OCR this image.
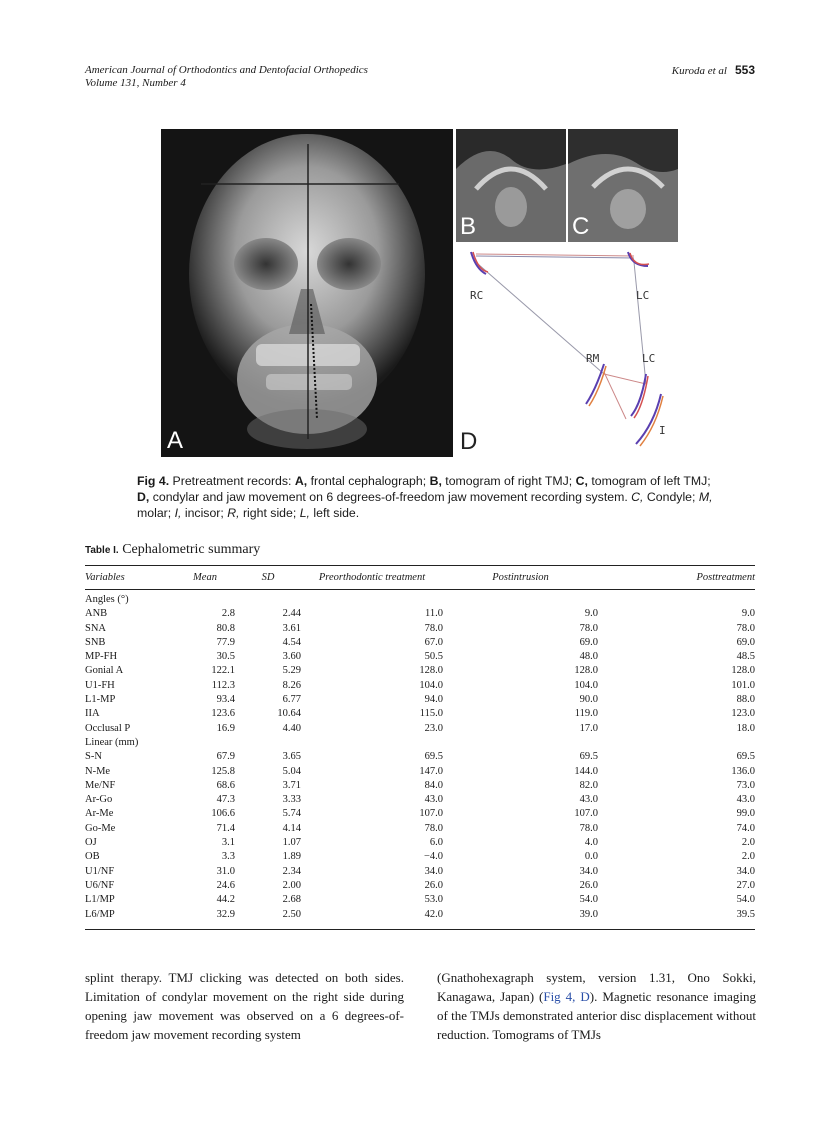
American Journal of Orthodontics and Dentofacial Orthopedics
Volume 131, Number 4
Kuroda et al 553
A
B	C
RC	LC
RM	LC
I
D
Fig 4. Pretreatment records: A, frontal cephalograph; B, tomogram of right TMJ; C, tomogram of left TMJ; D, condylar and jaw movement on 6 degrees-of-freedom jaw movement recording system. C, Condyle; M, molar; I, incisor; R, right side; L, left side.
Table I. Cephalometric summary
Variables	Mean	SD	Preorthodontic treatment	Postintrusion	Posttreatment

Angles (°)					
ANB	2.8	2.44	11.0	9.0	9.0
SNA	80.8	3.61	78.0	78.0	78.0
SNB	77.9	4.54	67.0	69.0	69.0
MP-FH	30.5	3.60	50.5	48.0	48.5
Gonial A	122.1	5.29	128.0	128.0	128.0
U1-FH	112.3	8.26	104.0	104.0	101.0
L1-MP	93.4	6.77	94.0	90.0	88.0
IIA	123.6	10.64	115.0	119.0	123.0
Occlusal P	16.9	4.40	23.0	17.0	18.0
Linear (mm)					
S-N	67.9	3.65	69.5	69.5	69.5
N-Me	125.8	5.04	147.0	144.0	136.0
Me/NF	68.6	3.71	84.0	82.0	73.0
Ar-Go	47.3	3.33	43.0	43.0	43.0
Ar-Me	106.6	5.74	107.0	107.0	99.0
Go-Me	71.4	4.14	78.0	78.0	74.0
OJ	3.1	1.07	6.0	4.0	2.0
OB	3.3	1.89	−4.0	0.0	2.0
U1/NF	31.0	2.34	34.0	34.0	34.0
U6/NF	24.6	2.00	26.0	26.0	27.0
L1/MP	44.2	2.68	53.0	54.0	54.0
L6/MP	32.9	2.50	42.0	39.0	39.5
splint therapy. TMJ clicking was detected on both sides. Limitation of condylar movement on the right side during opening jaw movement was observed on a 6 degrees-of-freedom jaw movement recording system
(Gnathohexagraph system, version 1.31, Ono Sokki, Kanagawa, Japan) (Fig 4, D). Magnetic resonance imaging of the TMJs demonstrated anterior disc displacement without reduction. Tomograms of TMJs
